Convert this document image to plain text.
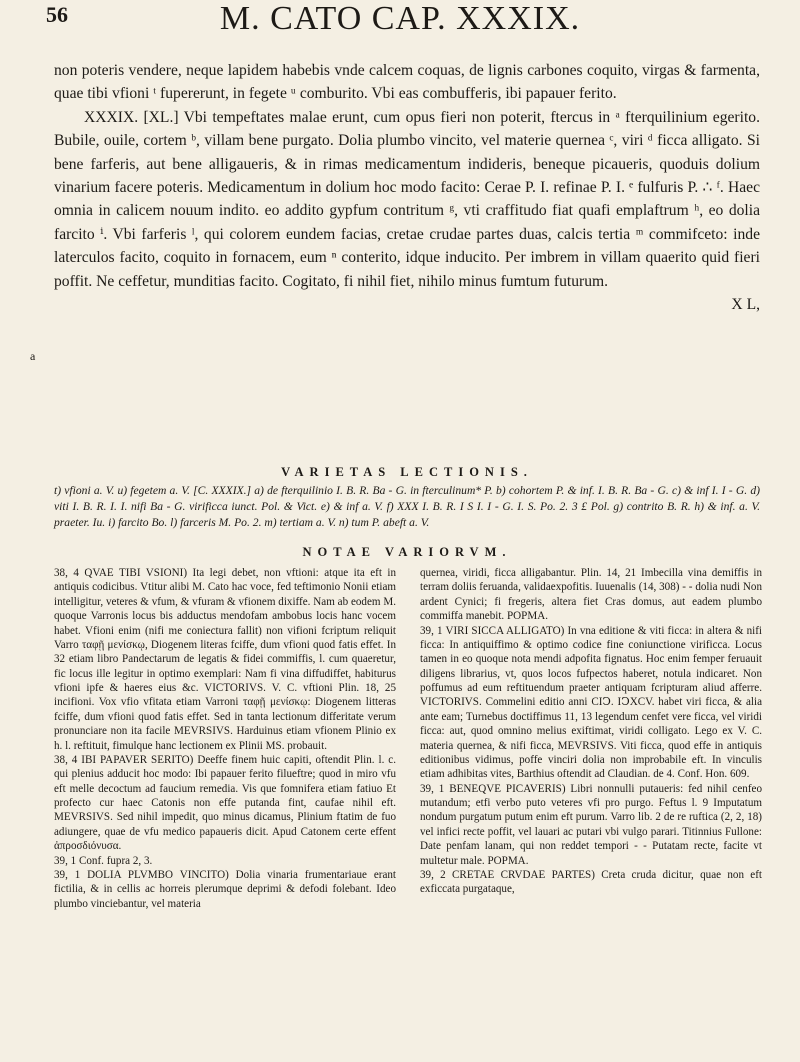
56	M. CATO CAP. XXXIX.
a

non poteris vendere, neque lapidem habebis vnde calcem coquas, de lignis carbones coquito, virgas & farmenta, quae tibi vfioni ᵗ fupererunt, in fegete ᵘ comburito. Vbi eas combufferis, ibi papauer ferito.

XXXIX. [XL.] Vbi tempeftates malae erunt, cum opus fieri non poterit, ftercus in ᵃ fterquilinium egerito. Bubile, ouile, cortem ᵇ, villam bene purgato. Dolia plumbo vincito, vel materie quernea ᶜ, viri ᵈ ficca alligato. Si bene farferis, aut bene alligaueris, & in rimas medicamentum indideris, beneque picaueris, quoduis dolium vinarium facere poteris. Medicamentum in dolium hoc modo facito: Cerae P. I. refinae P. I. ᵉ fulfuris P. ∴ ᶠ. Haec omnia in calicem nouum indito. eo addito gypfum contritum ᵍ, vti craffitudo fiat quafi emplaftrum ʰ, eo dolia farcito ⁱ. Vbi farferis ˡ, qui colorem eundem facias, cretae crudae partes duas, calcis tertia ᵐ commifceto: inde laterculos facito, coquito in fornacem, eum ⁿ conterito, idque inducito. Per imbrem in villam quaerito quid fieri poffit. Ne ceffetur, munditias facito. Cogitato, fi nihil fiet, nihilo minus fumtum futurum.

X L,

VARIETAS LECTIONIS.
t) vfioni a. V. u) fegetem a. V. [C. XXXIX.] a) de fterquilinio I. B. R. Ba - G. in fterculinum* P. b) cohortem P. & inf. I. B. R. Ba - G. c) & inf I. I - G. d) viti I. B. R. I. I. nifi Ba - G. virificca iunct. Pol. & Vict. e) & inf a. V. f) XXX I. B. R. I S I. I - G. I. S. Po. 2. 3 £ Pol. g) contrito B. R. h) & inf. a. V. praeter. Iu. i) farcito Bo. l) farceris M. Po. 2. m) tertiam a. V. n) tum P. abeft a. V.
NOTAE VARIORVM.

38, 4 QVAE TIBI VSIONI) Ita legi debet, non vftioni: atque ita eft in antiquis codicibus. Vtitur alibi M. Cato hac voce, fed teftimonio Nonii etiam intelligitur, veteres & vfum, & vfuram & vfionem dixiffe. Nam ab eodem M. quoque Varronis locus bis adductus mendofam ambobus locis hanc vocem habet. Vfioni enim (nifi me coniectura fallit) non vifioni fcriptum reliquit Varro ταφῇ μενίσκῳ, Diogenem literas fciffe, dum vfioni quod fatis effet. In 32 etiam libro Pandectarum de legatis & fidei commiffis, l. cum quaeretur, fic locus ille legitur in optimo exemplari: Nam fi vina diffudiffet, habiturus vfioni ipfe & haeres eius &c. VICTORIVS. V. C. vftioni Plin. 18, 25 incifioni. Vox vfio vfitata etiam Varroni ταφῇ μενίσκῳ: Diogenem litteras fciffe, dum vfioni quod fatis effet. Sed in tanta lectionum differitate verum pronunciare non ita facile MEVRSIVS. Harduinus etiam vfionem Plinio ex h. l. reftituit, fimulque hanc lectionem ex Plinii MS. probauit.

38, 4 IBI PAPAVER SERITO) Deeffe finem huic capiti, oftendit Plin. l. c. qui plenius adducit hoc modo: Ibi papauer ferito filueftre; quod in miro vfu eft melle decoctum ad faucium remedia. Vis que fomnifera etiam fatiuo Et profecto cur haec Catonis non effe putanda fint, caufae nihil eft. MEVRSIVS. Sed nihil impedit, quo minus dicamus, Plinium ftatim de fuo adiungere, quae de vfu medico papaueris dicit. Apud Catonem certe effent ἀπροσδιόνυσα.

39, 1 Conf. fupra 2, 3.

39, 1 DOLIA PLVMBO VINCITO) Dolia vinaria frumentariaue erant fictilia, & in cellis ac horreis plerumque deprimi & defodi folebant. Ideo plumbo vinciebantur, vel materia

quernea, viridi, ficca alligabantur. Plin. 14, 21 Imbecilla vina demiffis in terram doliis feruanda, validaexpofitis. Iuuenalis (14, 308) - - dolia nudi Non ardent Cynici; fi fregeris, altera fiet Cras domus, aut eadem plumbo commiffa manebit. POPMA.

39, 1 VIRI SICCA ALLIGATO) In vna editione & viti ficca: in altera & nifi ficca: In antiquiffimo & optimo codice fine coniunctione virificca. Locus tamen in eo quoque nota mendi adpofita fignatus. Hoc enim femper feruauit diligens librarius, vt, quos locos fufpectos haberet, notula indicaret. Non poffumus ad eum reftituendum praeter antiquam fcripturam aliud afferre. VICTORIVS. Commelini editio anni CIↃ. IↃXCV. habet viri ficca, & alia ante eam; Turnebus doctiffimus 11, 13 legendum cenfet vere ficca, vel viridi ficca: aut, quod omnino melius exiftimat, viridi colligato. Lego ex V. C. materia quernea, & nifi ficca, MEVRSIVS. Viti ficca, quod effe in antiquis editionibus vidimus, poffe vinciri dolia non improbabile eft. In vinculis etiam adhibitas vites, Barthius oftendit ad Claudian. de 4. Conf. Hon. 609.

39, 1 BENEQVE PICAVERIS) Libri nonnulli putaueris: fed nihil cenfeo mutandum; etfi verbo puto veteres vfi pro purgo. Feftus l. 9 Imputatum nondum purgatum putum enim eft purum. Varro lib. 2 de re ruftica (2, 2, 18) vel infici recte poffit, vel lauari ac putari vbi vulgo parari. Titinnius Fullone: Date penfam lanam, qui non reddet tempori - - Putatam recte, facite vt multetur male. POPMA.

39, 2 CRETAE CRVDAE PARTES) Creta cruda dicitur, quae non eft exficcata purgataque,
